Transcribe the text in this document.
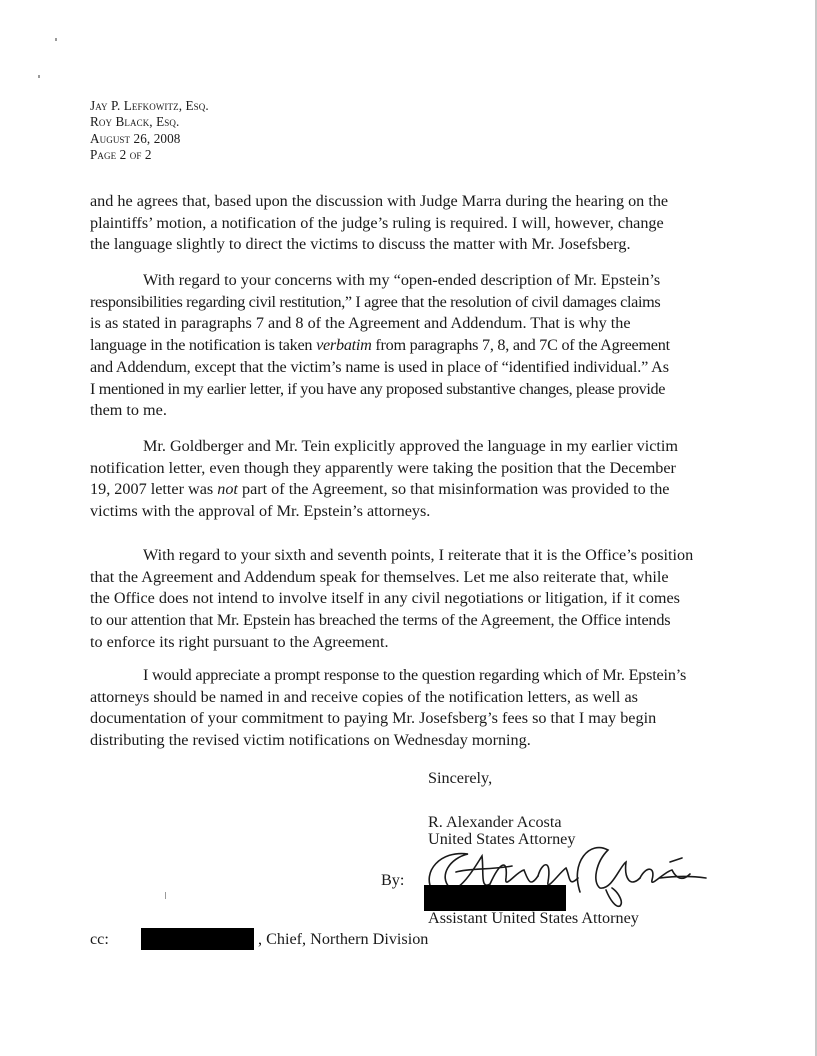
Jay P. Lefkowitz, Esq.
Roy Black, Esq.
August 26, 2008
Page 2 of 2
and he agrees that, based upon the discussion with Judge Marra during the hearing on the
plaintiffs’ motion, a notification of the judge’s ruling is required. I will, however, change
the language slightly to direct the victims to discuss the matter with Mr. Josefsberg.
With regard to your concerns with my “open-ended description of Mr. Epstein’s
responsibilities regarding civil restitution,” I agree that the resolution of civil damages claims
is as stated in paragraphs 7 and 8 of the Agreement and Addendum. That is why the
language in the notification is taken verbatim from paragraphs 7, 8, and 7C of the Agreement
and Addendum, except that the victim’s name is used in place of “identified individual.” As
I mentioned in my earlier letter, if you have any proposed substantive changes, please provide
them to me.
Mr. Goldberger and Mr. Tein explicitly approved the language in my earlier victim
notification letter, even though they apparently were taking the position that the December
19, 2007 letter was not part of the Agreement, so that misinformation was provided to the
victims with the approval of Mr. Epstein’s attorneys.
With regard to your sixth and seventh points, I reiterate that it is the Office’s position
that the Agreement and Addendum speak for themselves. Let me also reiterate that, while
the Office does not intend to involve itself in any civil negotiations or litigation, if it comes
to our attention that Mr. Epstein has breached the terms of the Agreement, the Office intends
to enforce its right pursuant to the Agreement.
I would appreciate a prompt response to the question regarding which of Mr. Epstein’s
attorneys should be named in and receive copies of the notification letters, as well as
documentation of your commitment to paying Mr. Josefsberg’s fees so that I may begin
distributing the revised victim notifications on Wednesday morning.
Sincerely,
R. Alexander Acosta
United States Attorney
By:
Assistant United States Attorney
cc:	, Chief, Northern Division
